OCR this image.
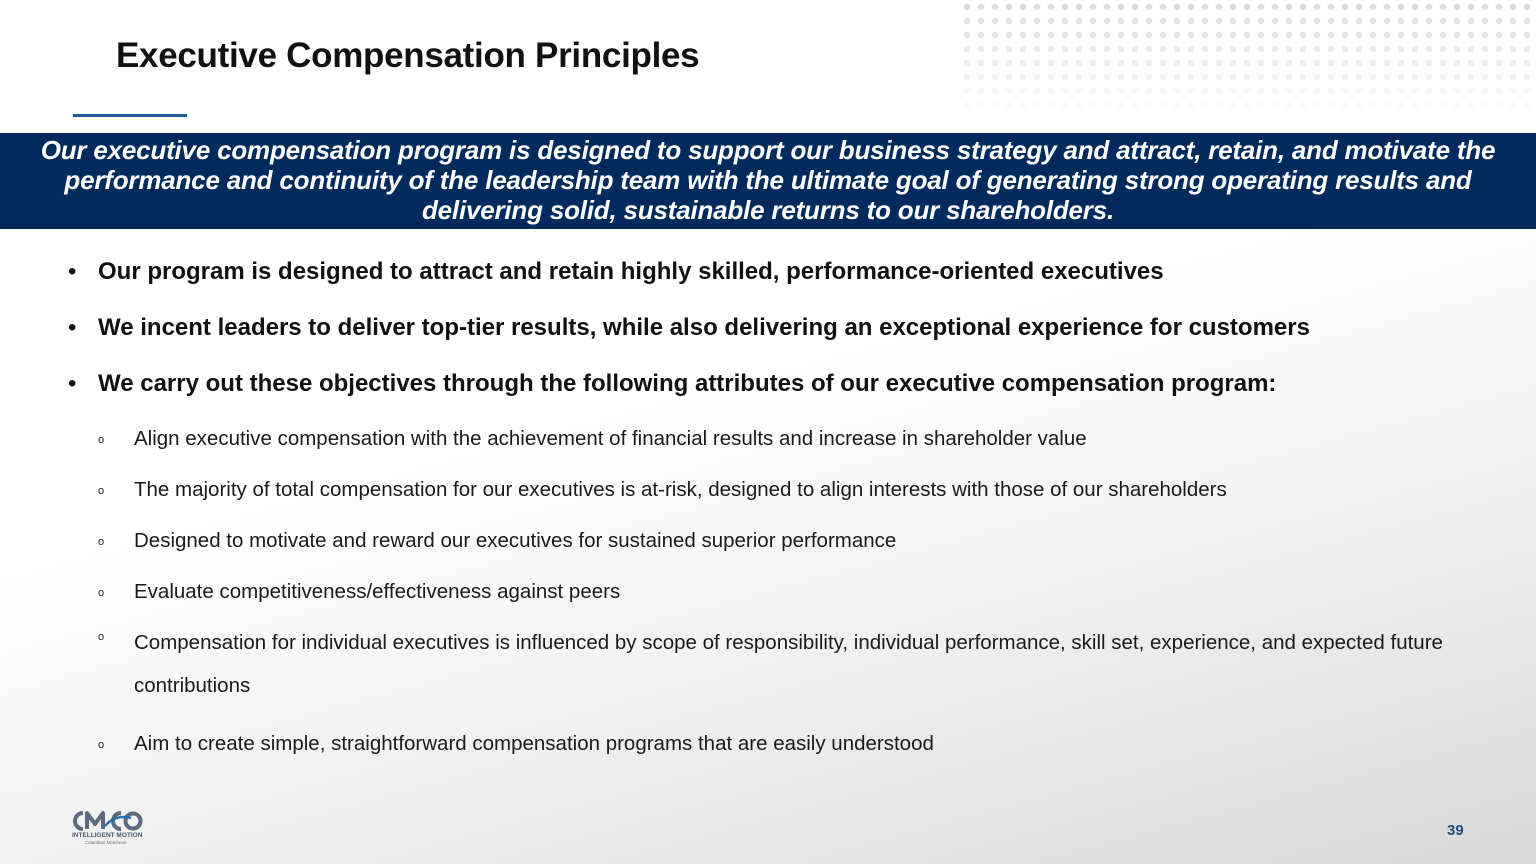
Executive Compensation Principles
Our executive compensation program is designed to support our business strategy and attract, retain, and motivate the performance and continuity of the leadership team with the ultimate goal of generating strong operating results and delivering solid, sustainable returns to our shareholders.
• Our program is designed to attract and retain highly skilled, performance-oriented executives
• We incent leaders to deliver top-tier results, while also delivering an exceptional experience for customers
• We carry out these objectives through the following attributes of our executive compensation program:
o Align executive compensation with the achievement of financial results and increase in shareholder value
o The majority of total compensation for our executives is at-risk, designed to align interests with those of our shareholders
o Designed to motivate and reward our executives for sustained superior performance
o Evaluate competitiveness/effectiveness against peers
o Compensation for individual executives is influenced by scope of responsibility, individual performance, skill set, experience, and expected future contributions
o Aim to create simple, straightforward compensation programs that are easily understood
INTELLIGENT MOTION
Columbus McKinnon
39
